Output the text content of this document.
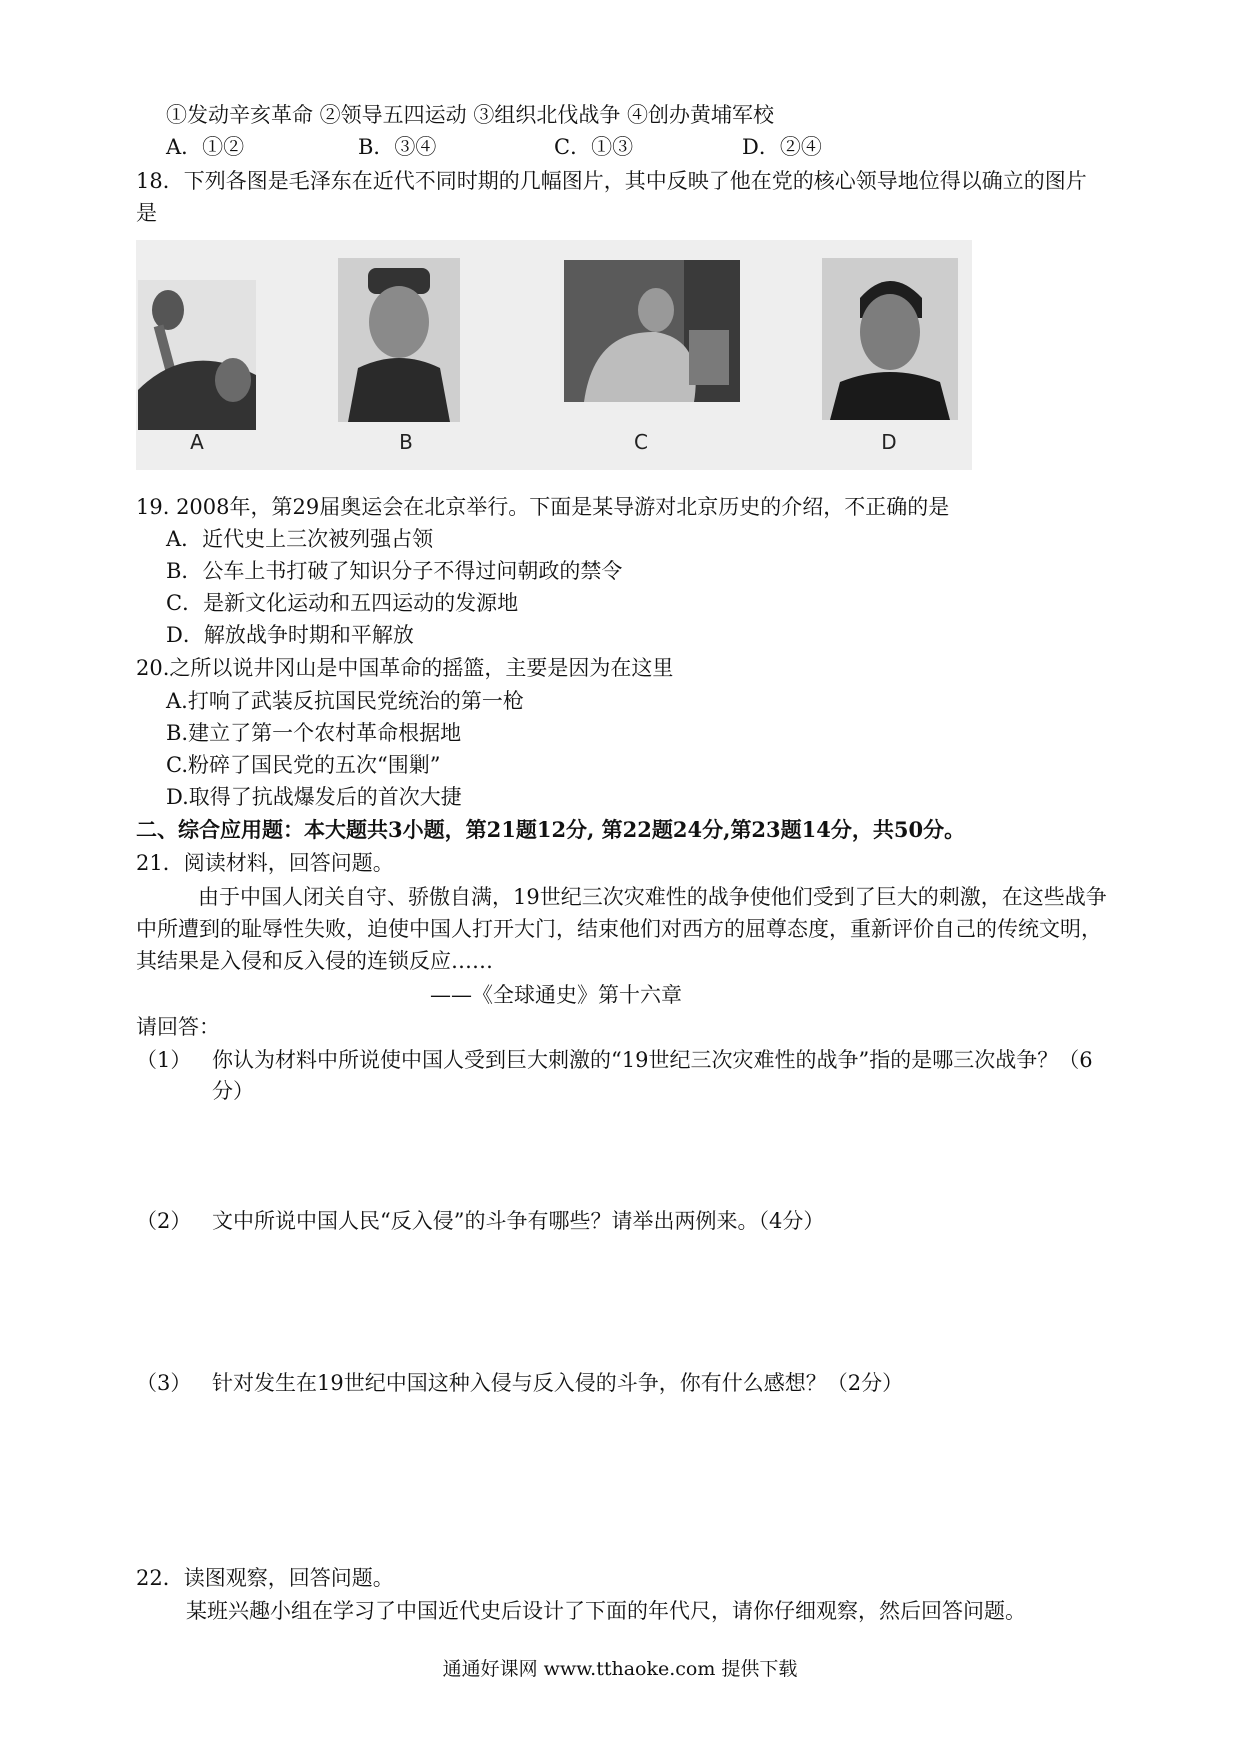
①发动辛亥革命 ②领导五四运动 ③组织北伐战争 ④创办黄埔军校
A．①②	B．③④	C．①③	D．②④
18．下列各图是毛泽东在近代不同时期的几幅图片，其中反映了他在党的核心领导地位得以确立的图片
是
A	B	C	D
19. 2008年，第29届奥运会在北京举行。下面是某导游对北京历史的介绍，不正确的是
A．近代史上三次被列强占领
B．公车上书打破了知识分子不得过问朝政的禁令
C．是新文化运动和五四运动的发源地
D．解放战争时期和平解放
20.之所以说井冈山是中国革命的摇篮，主要是因为在这里
A.打响了武装反抗国民党统治的第一枪
B.建立了第一个农村革命根据地
C.粉碎了国民党的五次“围剿”
D.取得了抗战爆发后的首次大捷
二、综合应用题：本大题共3小题，第21题12分, 第22题24分,第23题14分，共50分。
21．阅读材料，回答问题。
由于中国人闭关自守、骄傲自满，19世纪三次灾难性的战争使他们受到了巨大的刺激，在这些战争
中所遭到的耻辱性失败，迫使中国人打开大门，结束他们对西方的屈尊态度，重新评价自己的传统文明，
其结果是入侵和反入侵的连锁反应……
——《全球通史》第十六章
请回答：
（1） 你认为材料中所说使中国人受到巨大刺激的“19世纪三次灾难性的战争”指的是哪三次战争？（6
分）
（2） 文中所说中国人民“反入侵”的斗争有哪些？请举出两例来。（4分）
（3） 针对发生在19世纪中国这种入侵与反入侵的斗争，你有什么感想？（2分）
22．读图观察，回答问题。
某班兴趣小组在学习了中国近代史后设计了下面的年代尺，请你仔细观察，然后回答问题。
通通好课网 www.tthaoke.com 提供下载
